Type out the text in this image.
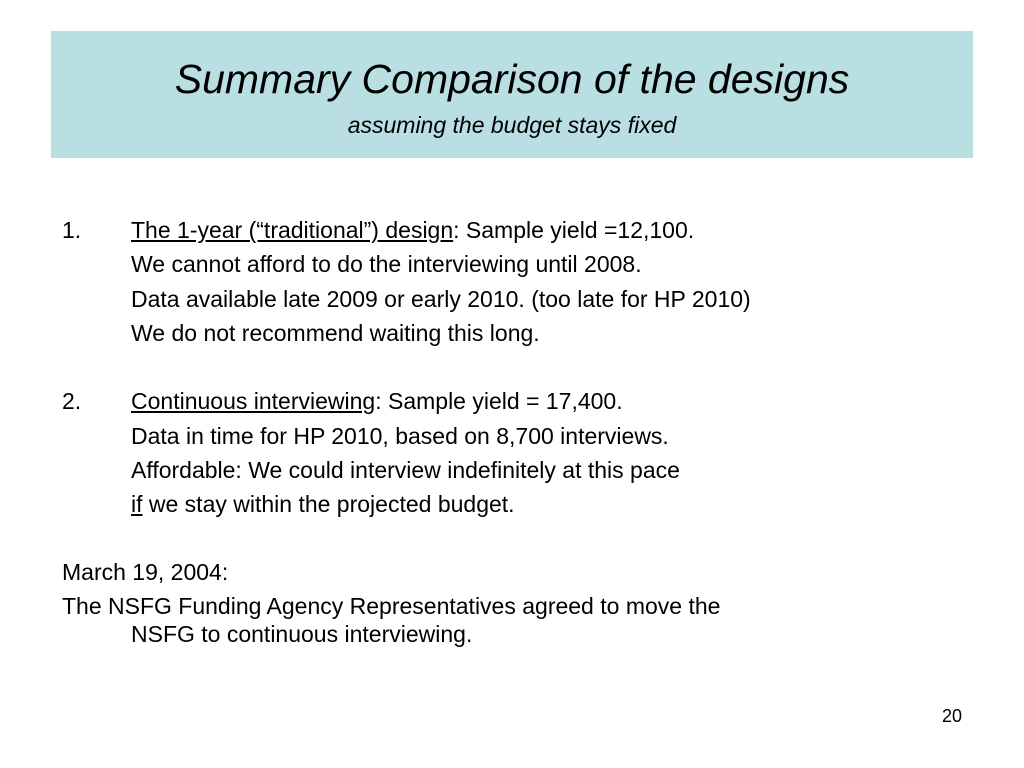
Summary Comparison of the designs
assuming the budget stays fixed
1. The 1-year (“traditional”) design: Sample yield =12,100.
We cannot afford to do the interviewing until 2008.
Data available late 2009 or early 2010. (too late for HP 2010)
We do not recommend waiting this long.
2. Continuous interviewing: Sample yield = 17,400.
Data in time for HP 2010, based on 8,700 interviews.
Affordable: We could interview indefinitely at this pace
if we stay within the projected budget.
March 19, 2004:
The NSFG Funding Agency Representatives agreed to move the
NSFG to continuous interviewing.
20
